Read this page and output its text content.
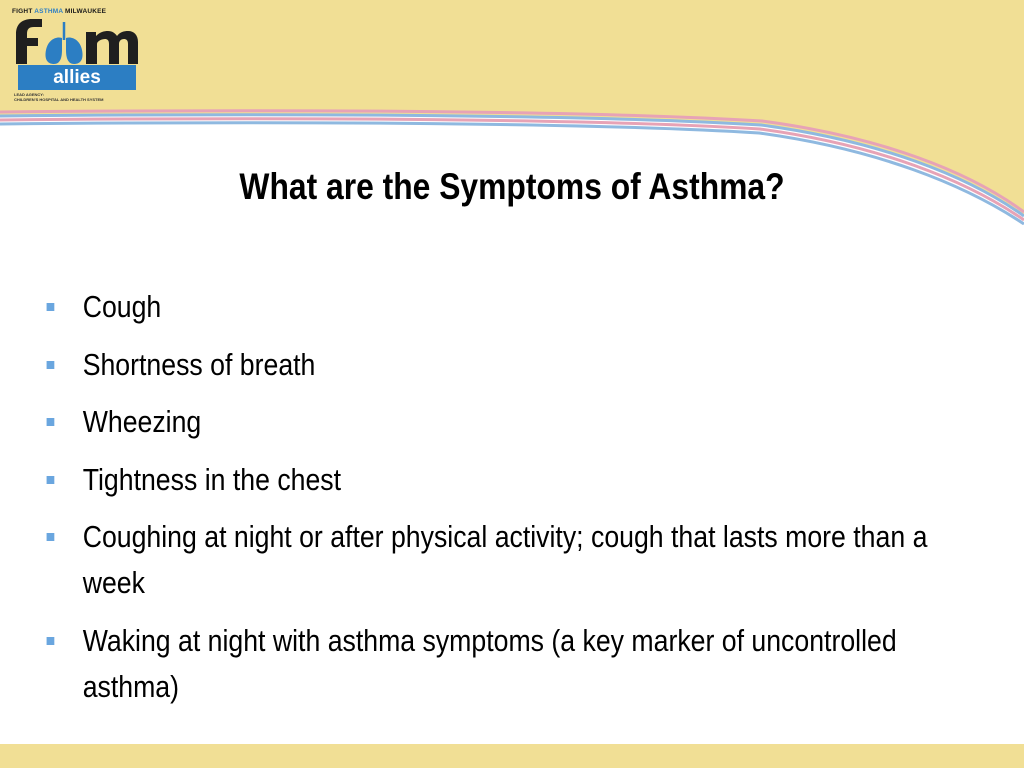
FIGHT ASTHMA MILWAUKEE
allies
LEAD AGENCY:
CHILDREN'S HOSPITAL AND HEALTH SYSTEM
What are the Symptoms of Asthma?
Cough
Shortness of breath
Wheezing
Tightness in the chest
Coughing at night or after physical activity; cough that lasts more than a week
Waking at night with asthma symptoms (a key marker of uncontrolled asthma)
